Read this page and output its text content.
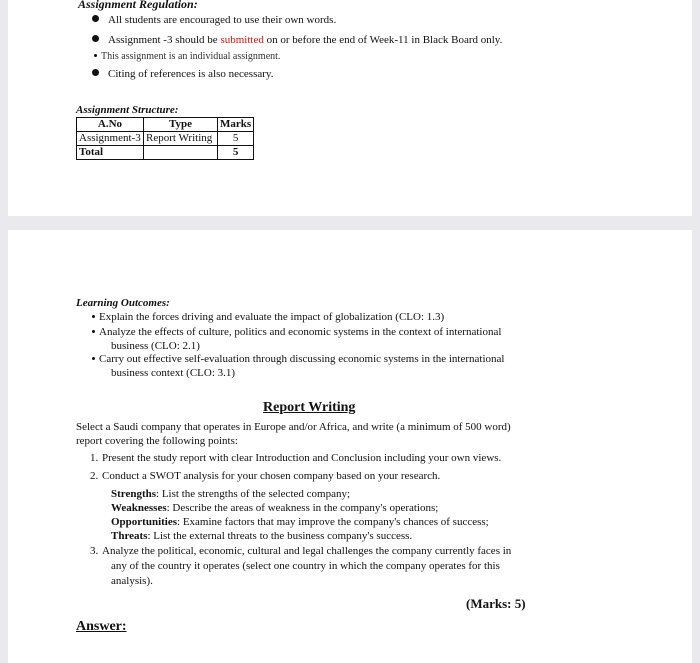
Assignment Regulation:
All students are encouraged to use their own words.
Assignment -3 should be submitted on or before the end of Week-11 in Black Board only.
This assignment is an individual assignment.
Citing of references is also necessary.
Assignment Structure:
A.No	Type	Marks
Assignment-3	Report Writing	5
Total		5
Learning Outcomes:
Explain the forces driving and evaluate the impact of globalization (CLO: 1.3)
Analyze the effects of culture, politics and economic systems in the context of international
business (CLO: 2.1)
Carry out effective self-evaluation through discussing economic systems in the international
business context (CLO: 3.1)
Report Writing
Select a Saudi company that operates in Europe and/or Africa, and write (a minimum of 500 word)
report covering the following points:
1. Present the study report with clear Introduction and Conclusion including your own views.
2. Conduct a SWOT analysis for your chosen company based on your research.
Strengths: List the strengths of the selected company;
Weaknesses: Describe the areas of weakness in the company's operations;
Opportunities: Examine factors that may improve the company's chances of success;
Threats: List the external threats to the business company's success.
3. Analyze the political, economic, cultural and legal challenges the company currently faces in
any of the country it operates (select one country in which the company operates for this
analysis).
(Marks: 5)
Answer:
